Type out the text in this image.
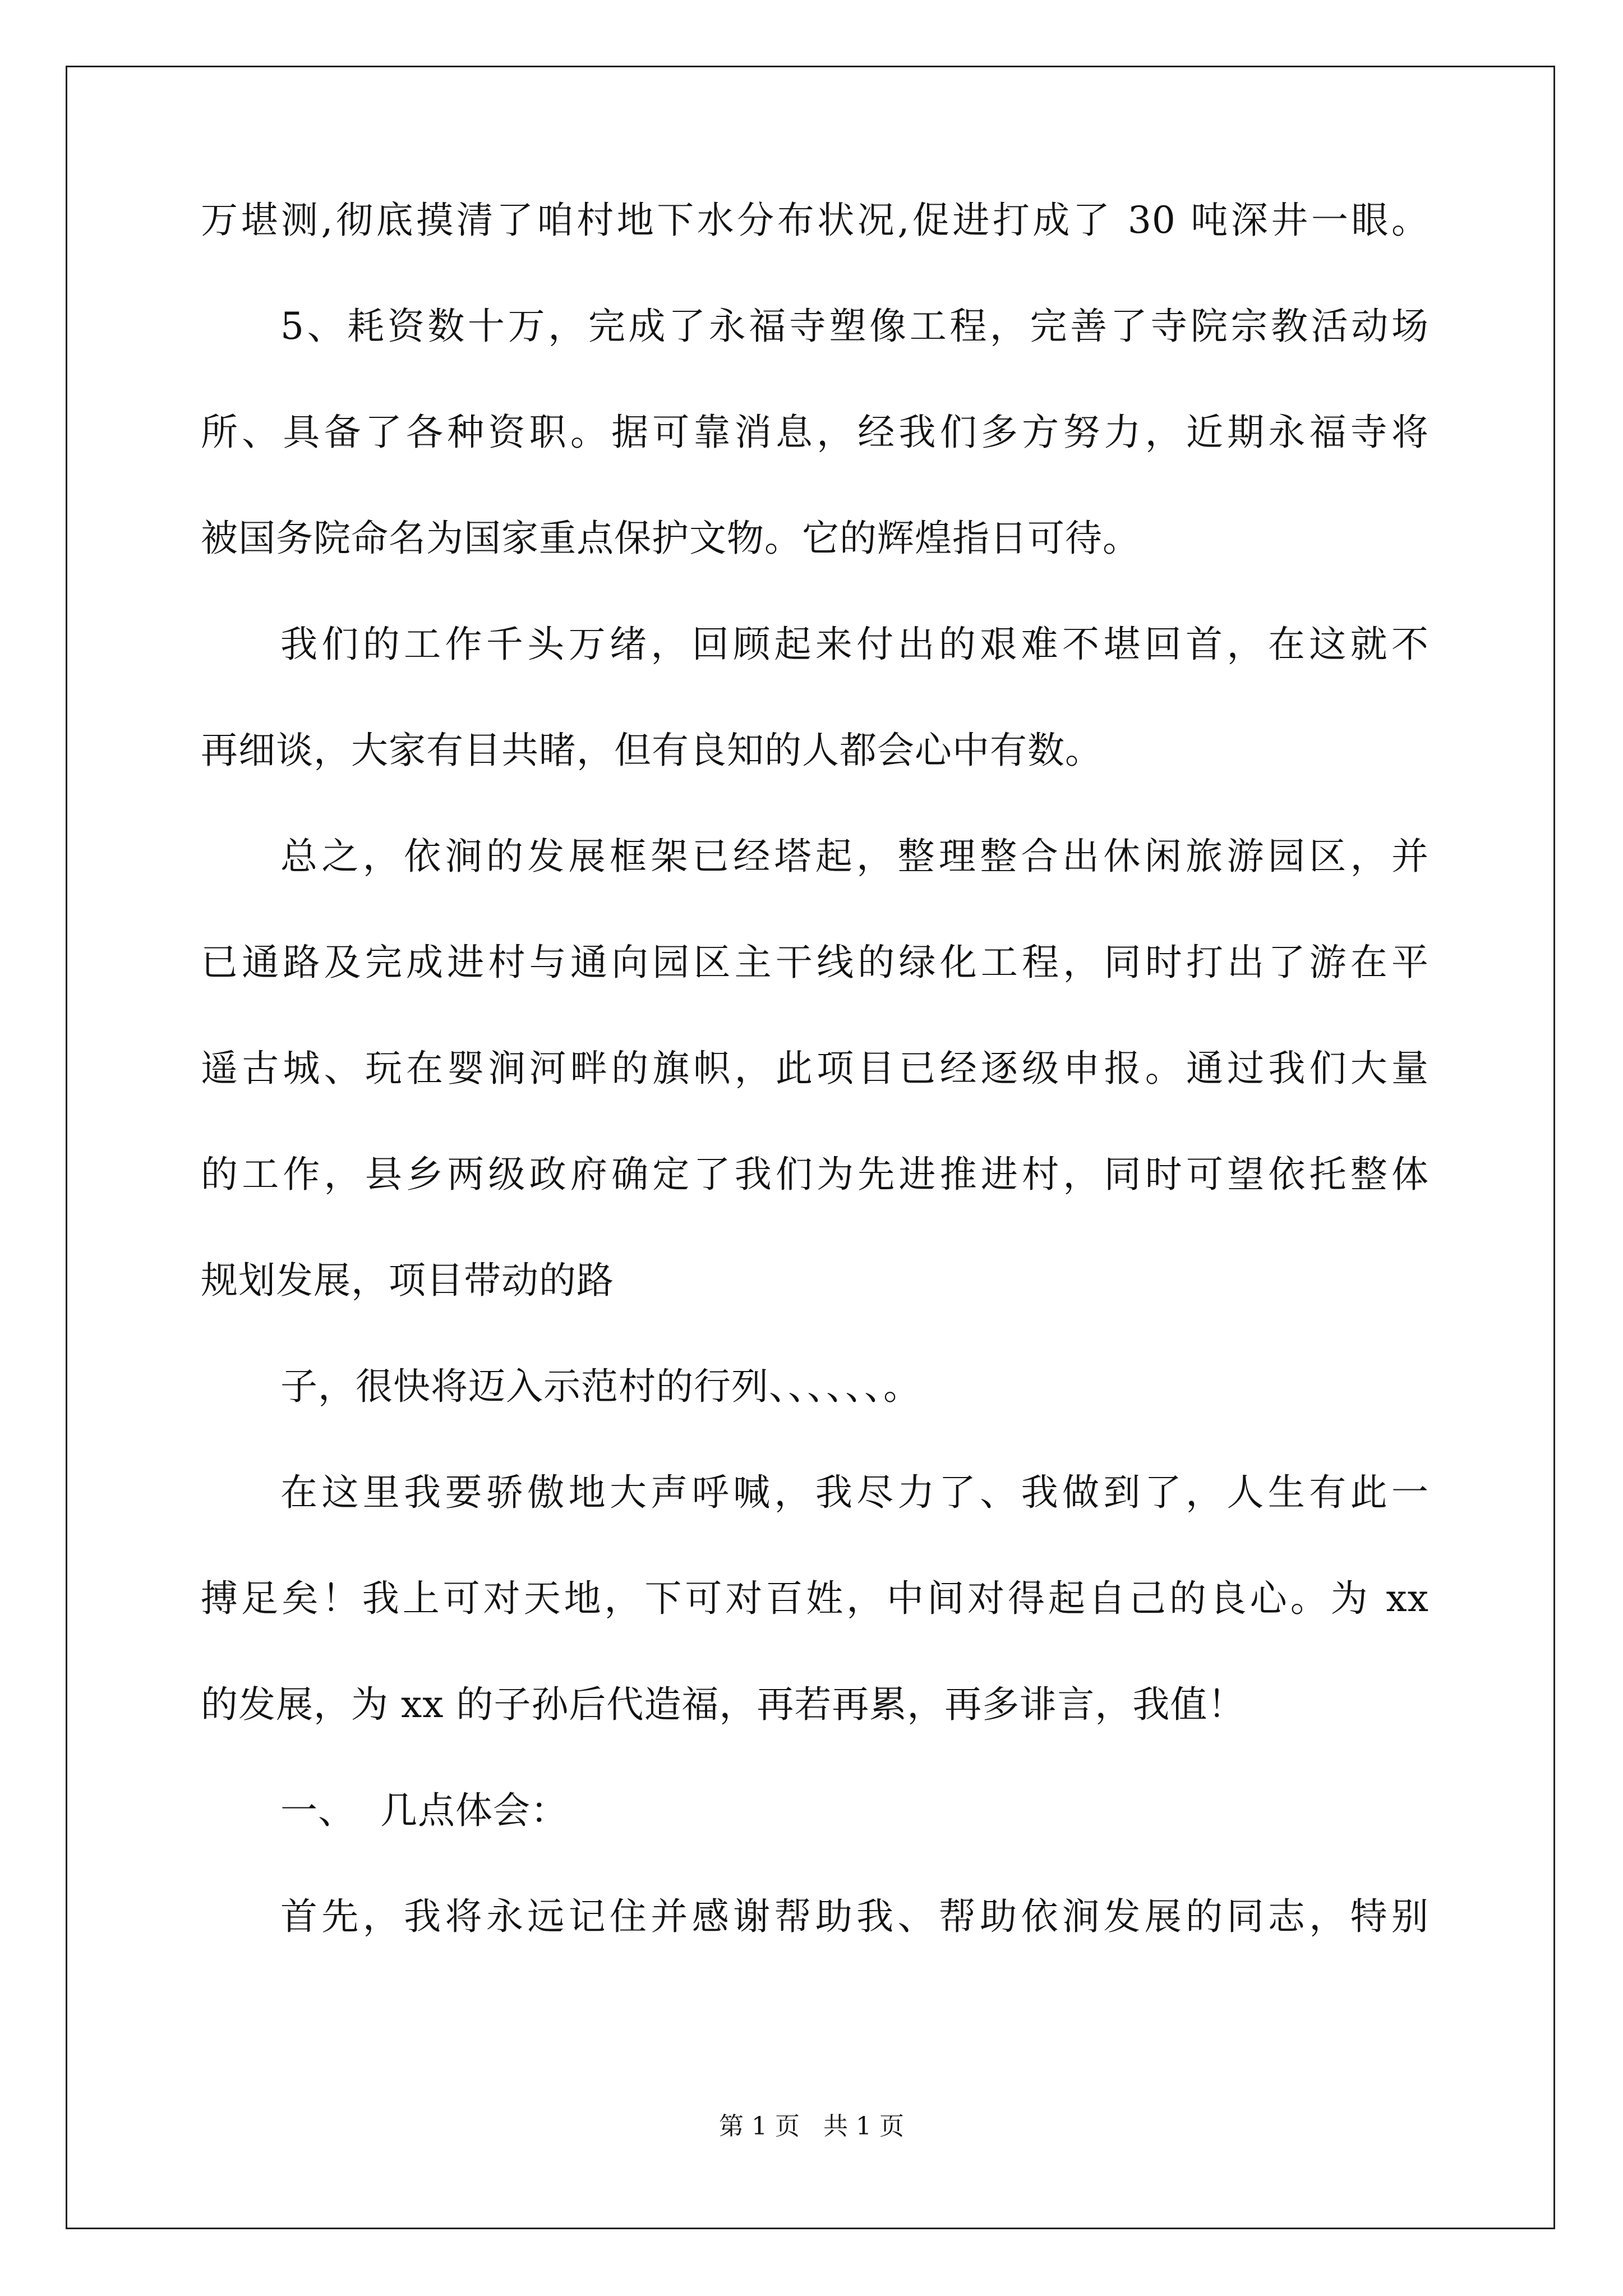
万堪测,彻底摸清了咱村地下水分布状况,促进打成了 30 吨深井一眼。
5、耗资数十万，完成了永福寺塑像工程，完善了寺院宗教活动场
所、具备了各种资职。据可靠消息，经我们多方努力，近期永福寺将
被国务院命名为国家重点保护文物。它的辉煌指日可待。
我们的工作千头万绪，回顾起来付出的艰难不堪回首，在这就不
再细谈，大家有目共睹，但有良知的人都会心中有数。
总之，依涧的发展框架已经塔起，整理整合出休闲旅游园区，并
已通路及完成进村与通向园区主干线的绿化工程，同时打出了游在平
遥古城、玩在婴涧河畔的旗帜，此项目已经逐级申报。通过我们大量
的工作，县乡两级政府确定了我们为先进推进村，同时可望依托整体
规划发展，项目带动的路
子，很快将迈入示范村的行列、、、、、、。
在这里我要骄傲地大声呼喊，我尽力了、我做到了，人生有此一
搏足矣！我上可对天地，下可对百姓，中间对得起自己的良心。为 xx
的发展，为 xx 的子孙后代造福，再若再累，再多诽言，我值！
一、  几点体会：
首先，我将永远记住并感谢帮助我、帮助依涧发展的同志，特别
第 1 页   共 1 页
